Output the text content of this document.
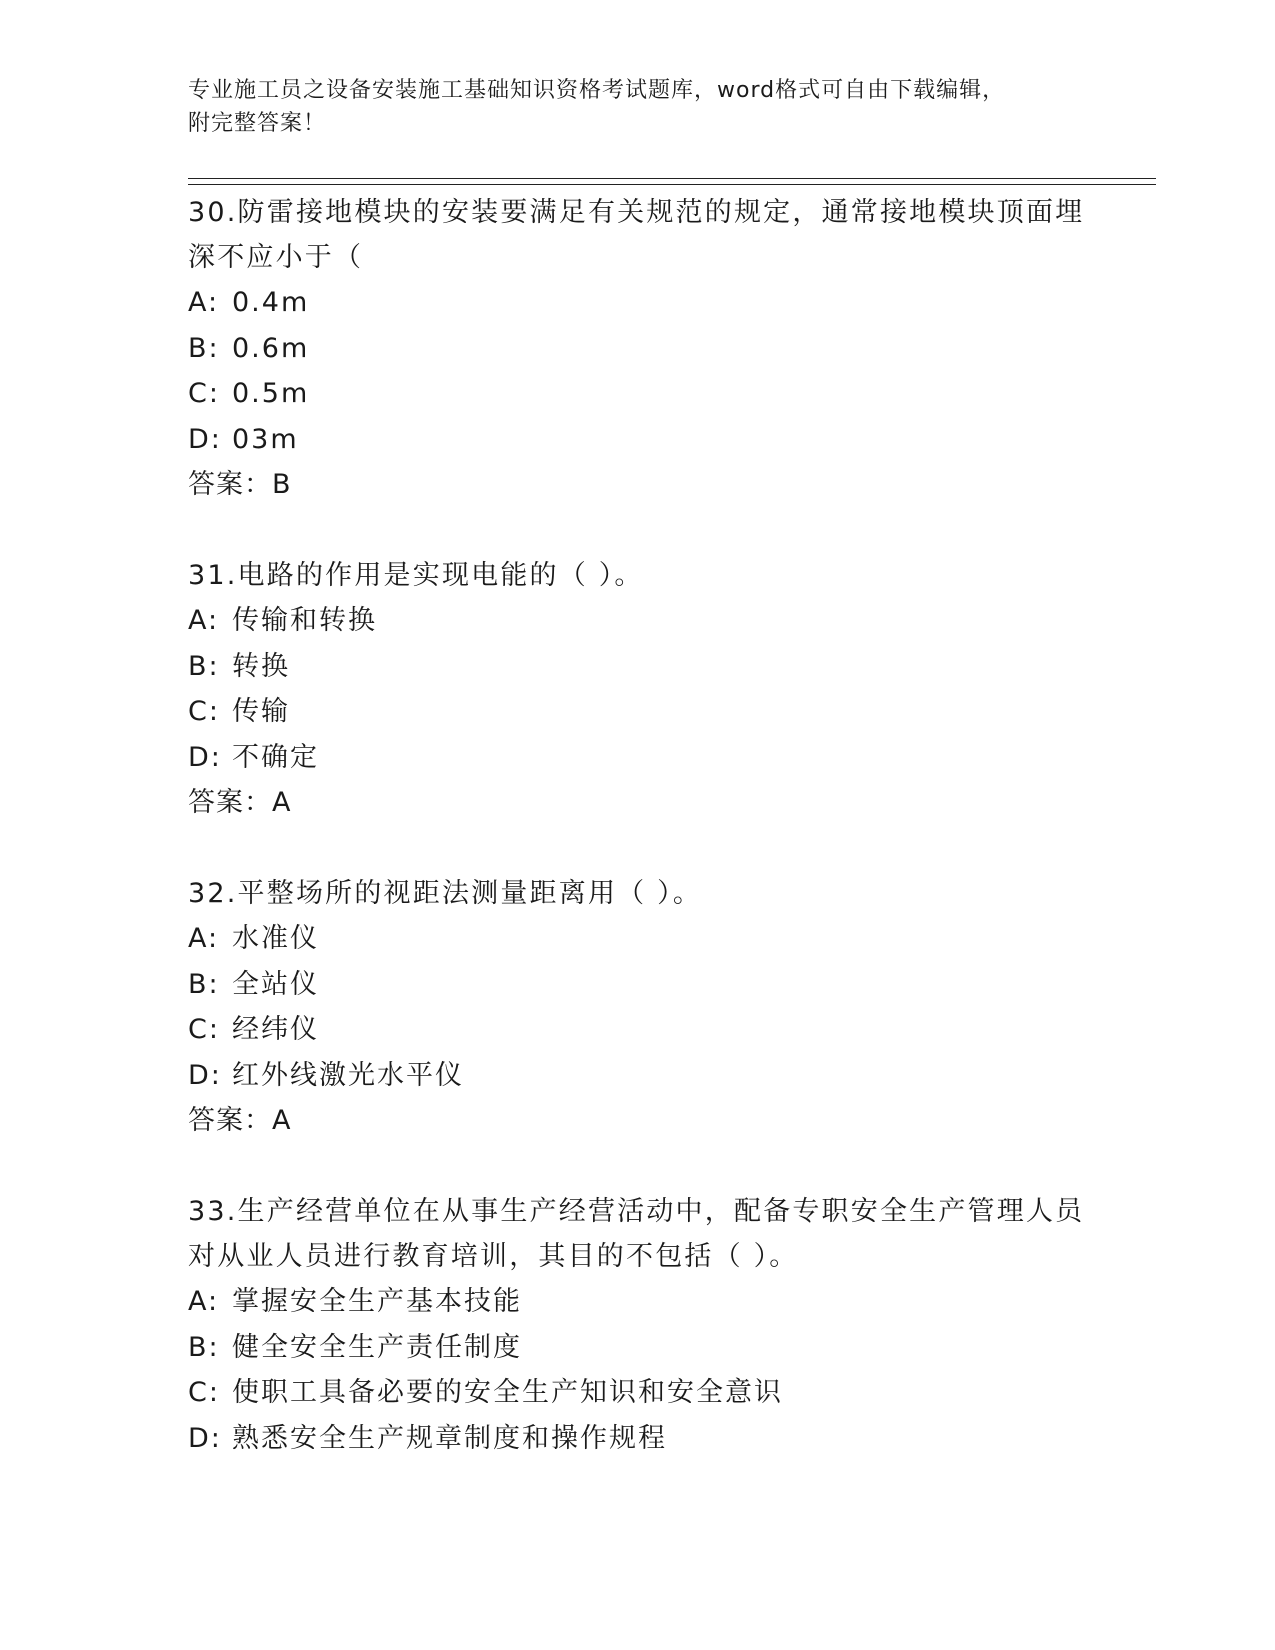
专业施工员之设备安装施工基础知识资格考试题库，word格式可自由下载编辑，
附完整答案！
30.防雷接地模块的安装要满足有关规范的规定，通常接地模块顶面埋
深不应小于（
A: 0.4m
B: 0.6m
C: 0.5m
D: 03m
答案：B
31.电路的作用是实现电能的（ ）。
A: 传输和转换
B: 转换
C: 传输
D: 不确定
答案：A
32.平整场所的视距法测量距离用（ ）。
A: 水准仪
B: 全站仪
C: 经纬仪
D: 红外线激光水平仪
答案：A
33.生产经营单位在从事生产经营活动中，配备专职安全生产管理人员
对从业人员进行教育培训，其目的不包括（ ）。
A: 掌握安全生产基本技能
B: 健全安全生产责任制度
C: 使职工具备必要的安全生产知识和安全意识
D: 熟悉安全生产规章制度和操作规程
